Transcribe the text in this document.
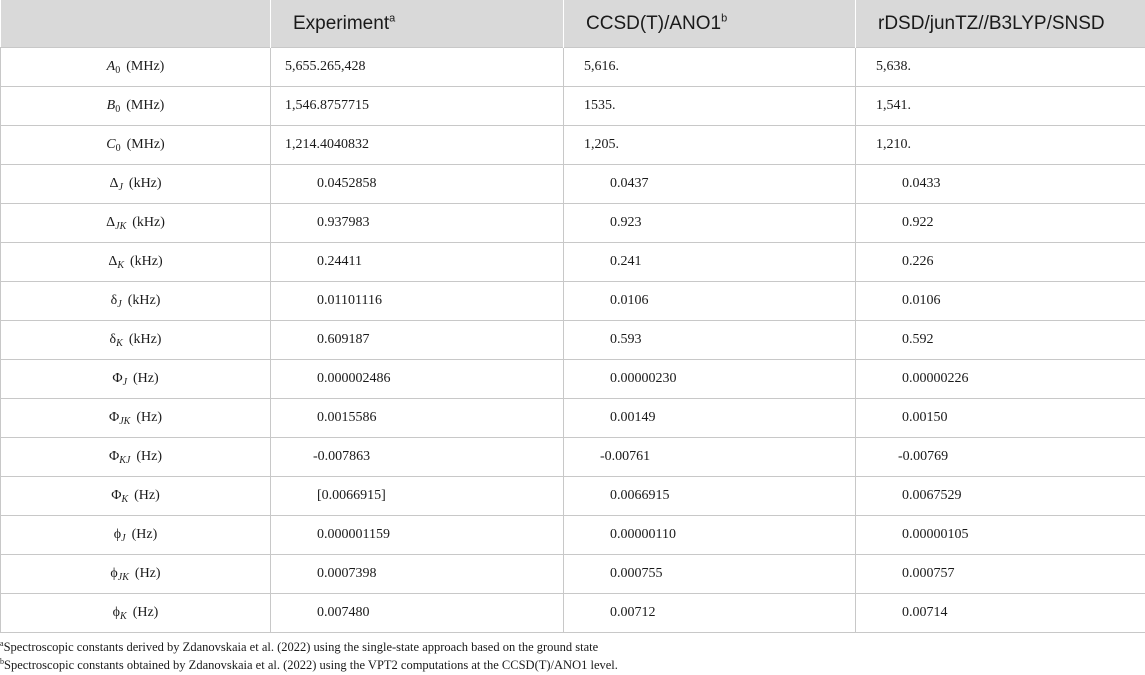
	Experiment$^a$	CCSD(T)/ANO1$^b$	rDSD/junTZ//B3LYP/SNSD
$A_0$ (MHz)	5,655.265,428	5,616.	5,638.
$B_0$ (MHz)	1,546.8757715	1535.	1,541.
$C_0$ (MHz)	1,214.4040832	1,205.	1,210.
$\Delta_J$ (kHz)	0.0452858	0.0437	0.0433
$\Delta_{JK}$ (kHz)	0.937983	0.923	0.922
$\Delta_K$ (kHz)	0.24411	0.241	0.226
$\delta_J$ (kHz)	0.01101116	0.0106	0.0106
$\delta_K$ (kHz)	0.609187	0.593	0.592
$\Phi_J$ (Hz)	0.000002486	0.00000230	0.00000226
$\Phi_{JK}$ (Hz)	0.0015586	0.00149	0.00150
$\Phi_{KJ}$ (Hz)	-0.007863	-0.00761	-0.00769
$\Phi_K$ (Hz)	[0.0066915]	0.0066915	0.0067529
$\phi_J$ (Hz)	0.000001159	0.00000110	0.00000105
$\phi_{JK}$ (Hz)	0.0007398	0.000755	0.000757
$\phi_K$ (Hz)	0.007480	0.00712	0.00714
$^a$Spectroscopic constants derived by Zdanovskaia et al. (2022) using the single-state approach based on the ground state
$^b$Spectroscopic constants obtained by Zdanovskaia et al. (2022) using the VPT2 computations at the CCSD(T)/ANO1 level.
